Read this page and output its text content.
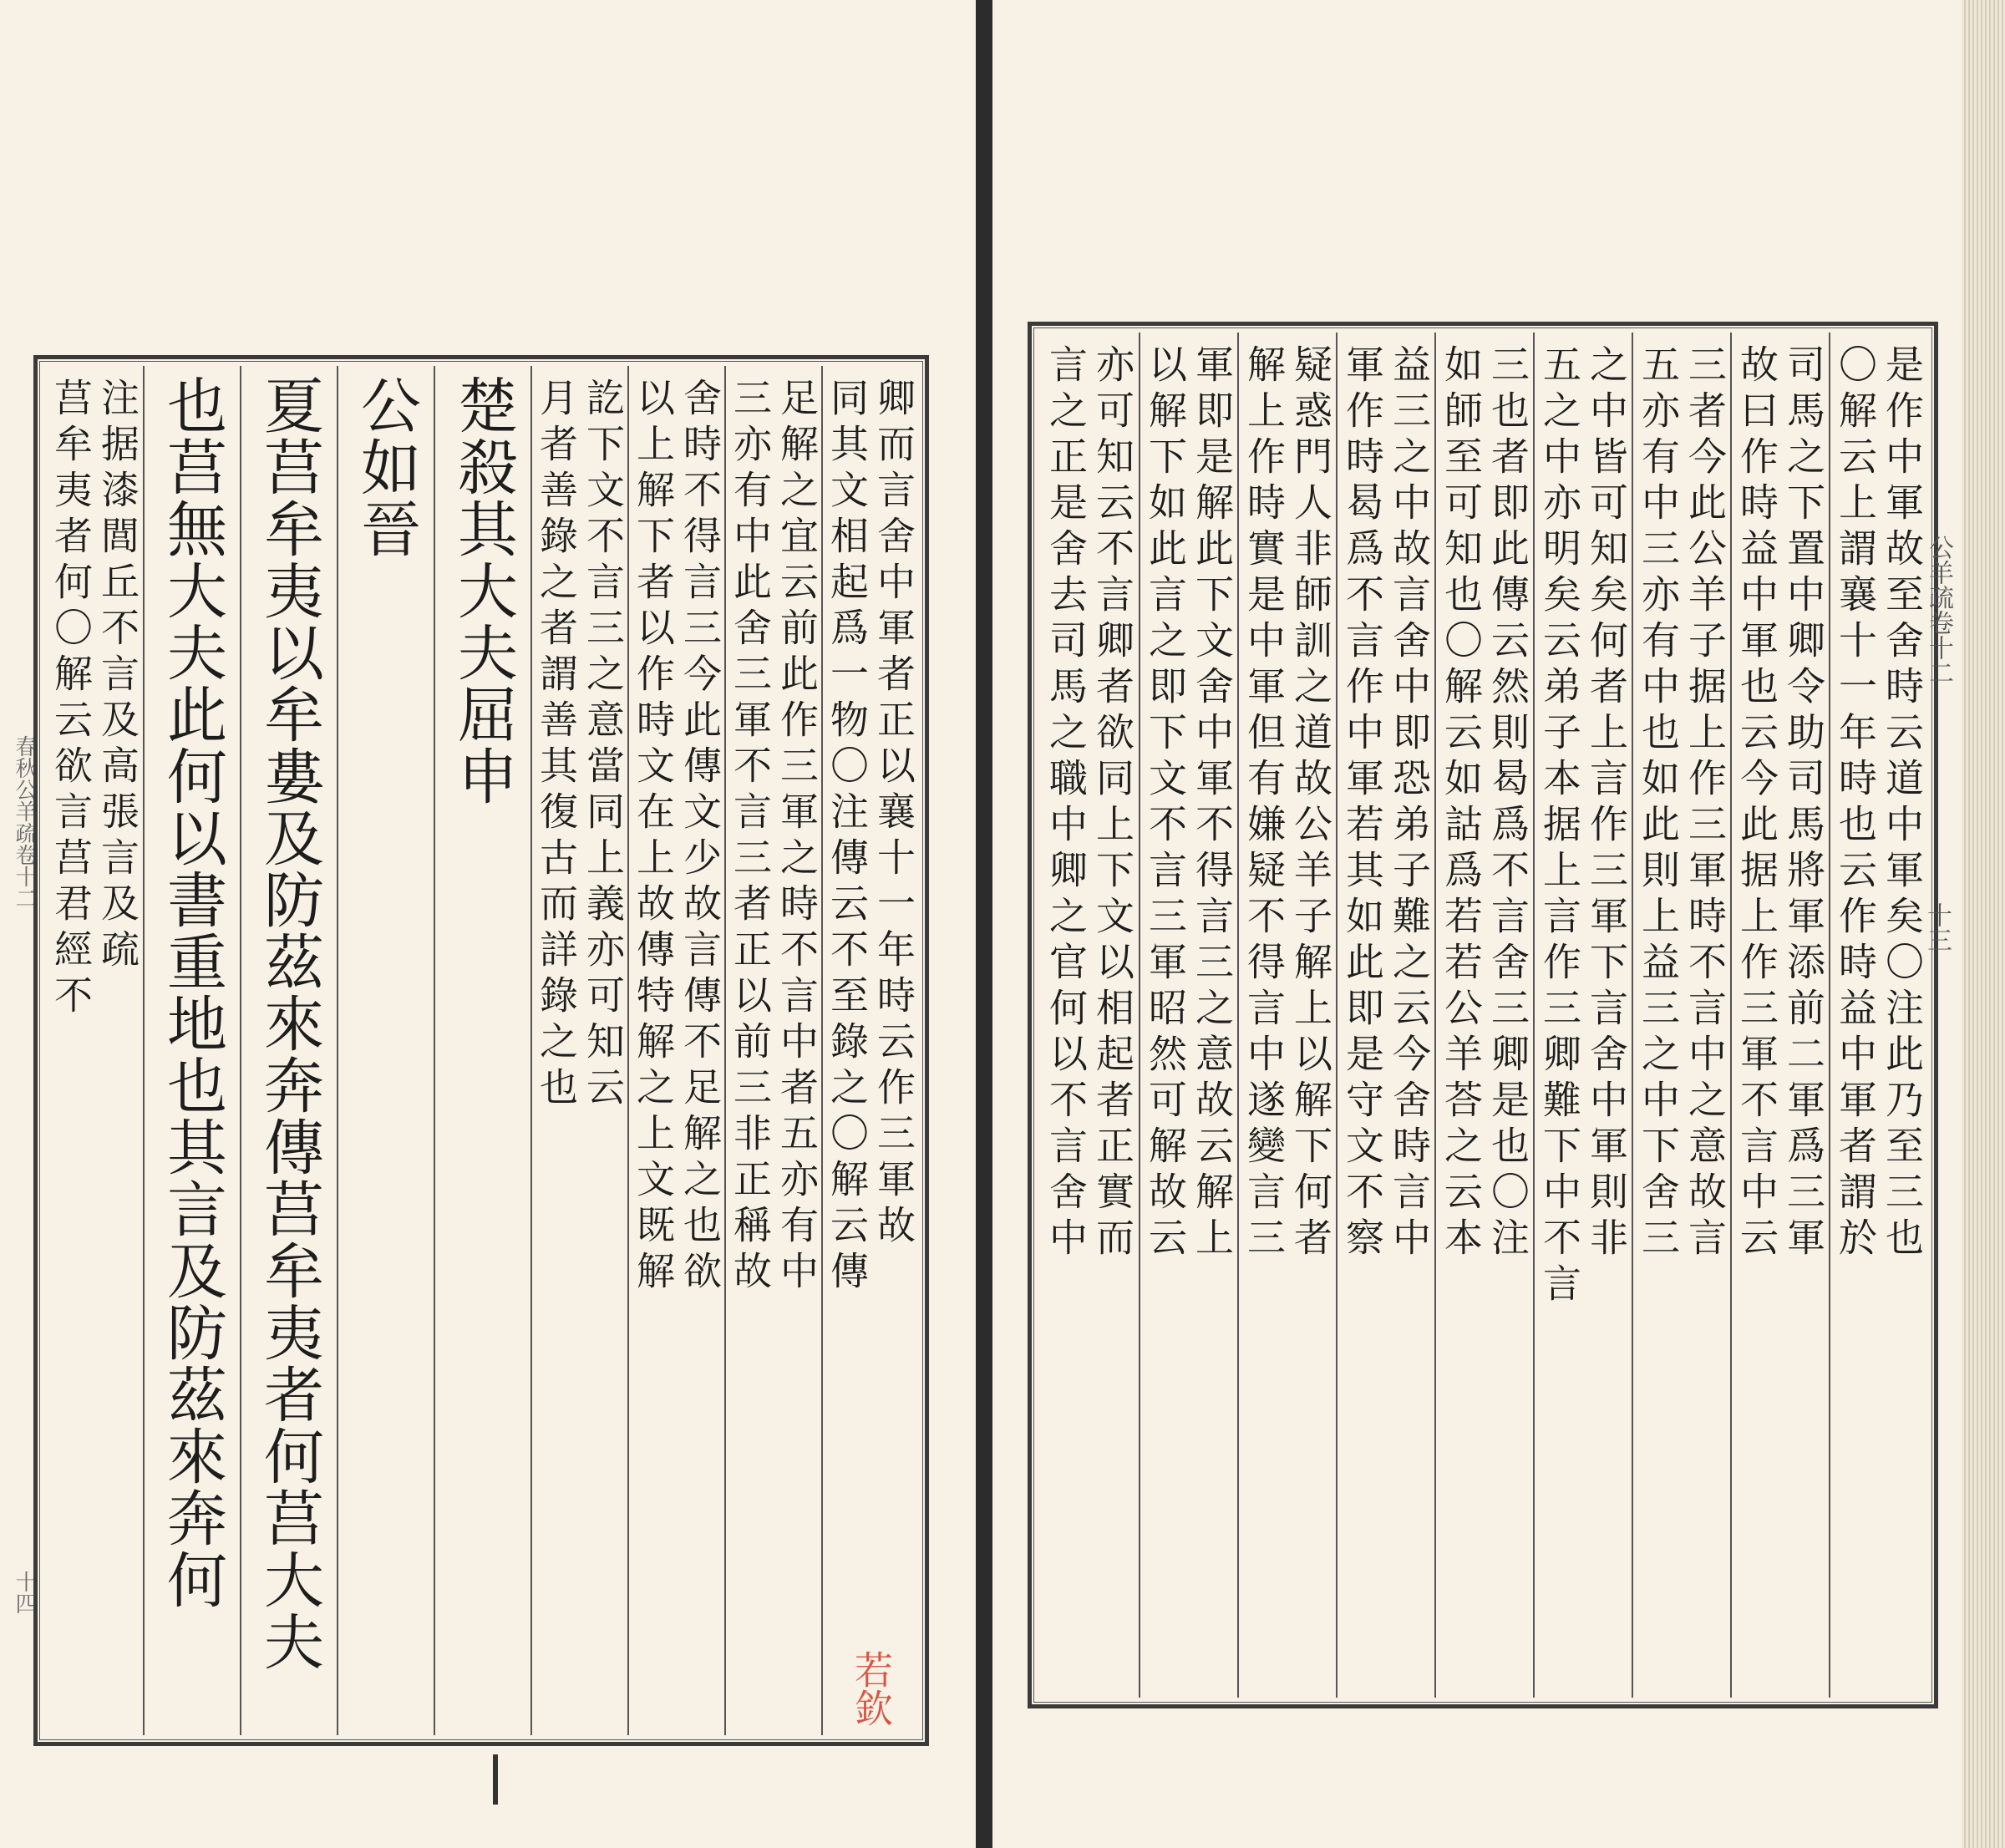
春秋公羊疏卷十二
十四
卿而言舍中軍者正以襄十一年時云作三軍故
同其文相起爲一物〇注傳云不至錄之〇解云傳
足解之宜云前此作三軍之時不言中者五亦有中
三亦有中此舍三軍不言三者正以前三非正稱故
舍時不得言三今此傳文少故言傳不足解之也欲
以上解下者以作時文在上故傳特解之上文既解
訖下文不言三之意當同上義亦可知云
月者善錄之者謂善其復古而詳錄之也
楚殺其大夫屈申
公如晉
夏莒牟夷以牟婁及防茲來奔傳莒牟夷者何莒大夫
也莒無大夫此何以書重地也其言及防茲來奔何
注据漆閭丘不言及高張言及疏
莒牟夷者何〇解云欲言莒君經不
若欽
是作中軍故至舍時云道中軍矣〇注此乃至三也
〇解云上謂襄十一年時也云作時益中軍者謂於
司馬之下置中卿令助司馬將軍添前二軍爲三軍
故曰作時益中軍也云今此据上作三軍不言中云
三者今此公羊子据上作三軍時不言中之意故言
五亦有中三亦有中也如此則上益三之中下舍三
之中皆可知矣何者上言作三軍下言舍中軍則非
五之中亦明矣云弟子本据上言作三卿難下中不言
三也者即此傳云然則曷爲不言舍三卿是也〇注
如師至可知也〇解云如詁爲若若公羊荅之云本
益三之中故言舍中即恐弟子難之云今舍時言中
軍作時曷爲不言作中軍若其如此即是守文不察
疑惑門人非師訓之道故公羊子解上以解下何者
解上作時實是中軍但有嫌疑不得言中遂變言三
軍即是解此下文舍中軍不得言三之意故云解上
以解下如此言之即下文不言三軍昭然可解故云
亦可知云不言卿者欲同上下文以相起者正實而
言之正是舍去司馬之職中卿之官何以不言舍中	公羊疏卷十二
十三
